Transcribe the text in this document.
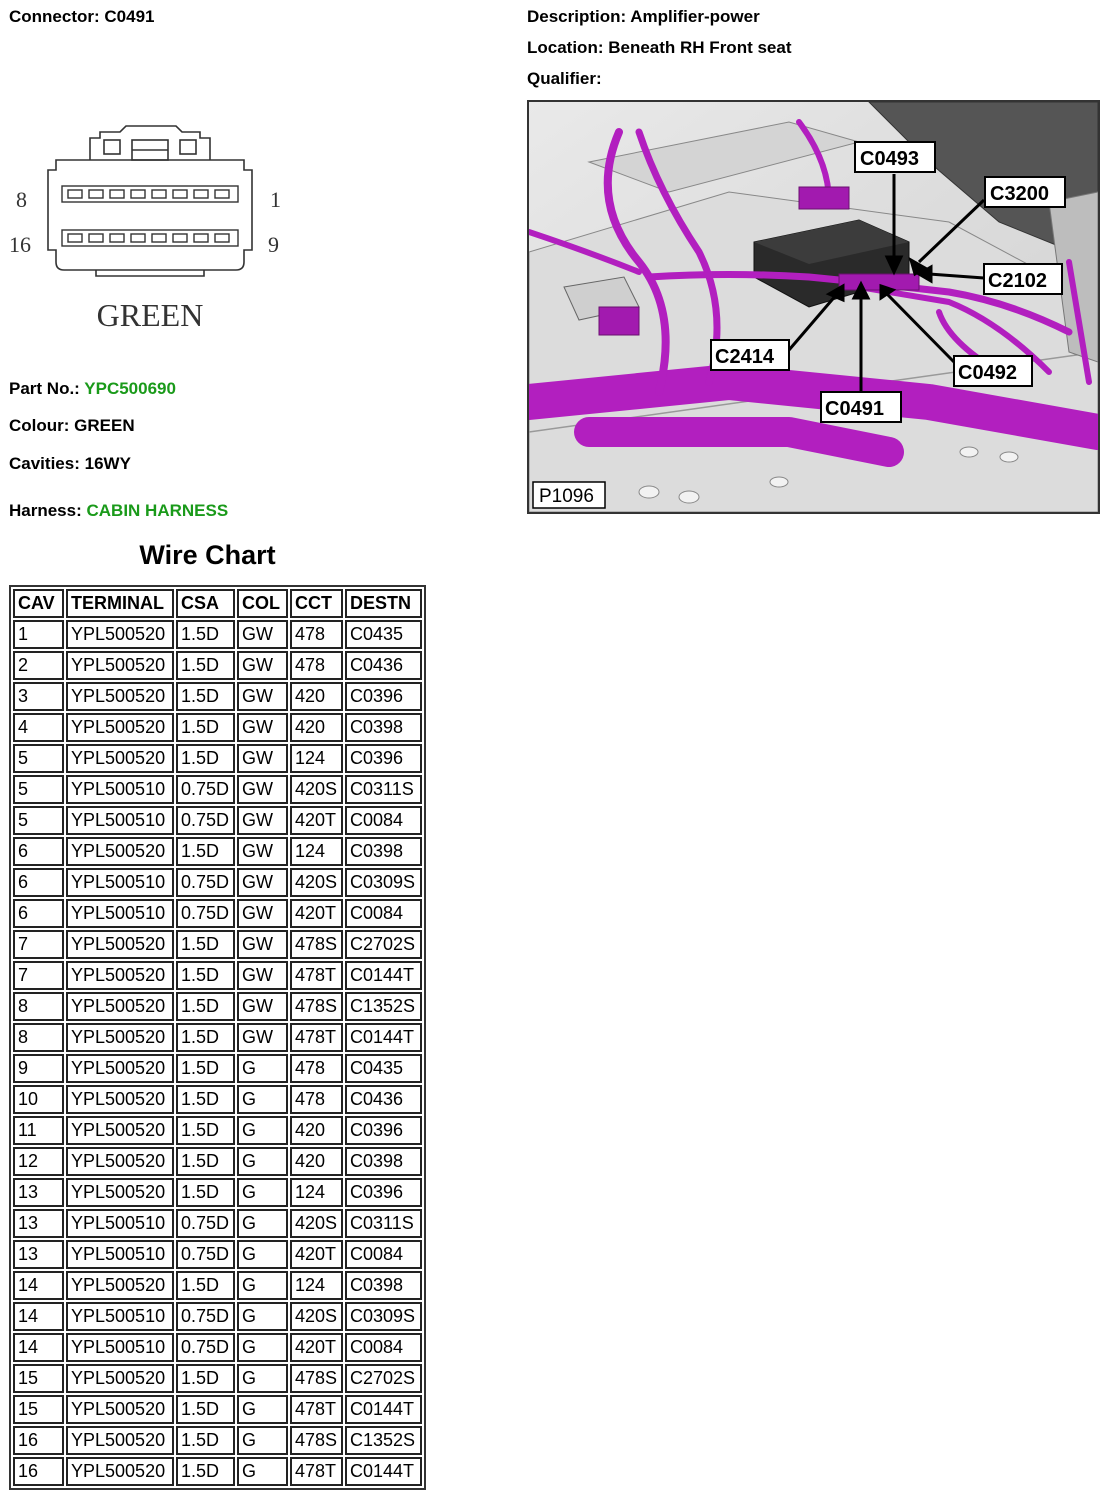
Connector: C0491	Description: Amplifier-power
Location: Beneath RH Front seat
Qualifier:
8	1
16	9
GREEN
Part No.: YPC500690
Colour: GREEN
Cavities: 16WY
Harness: CABIN HARNESS
Wire Chart
CAV	TERMINAL	CSA	COL	CCT	DESTN
1	YPL500520	1.5D	GW	478	C0435
2	YPL500520	1.5D	GW	478	C0436
3	YPL500520	1.5D	GW	420	C0396
4	YPL500520	1.5D	GW	420	C0398
5	YPL500520	1.5D	GW	124	C0396
5	YPL500510	0.75D	GW	420S	C0311S
5	YPL500510	0.75D	GW	420T	C0084
6	YPL500520	1.5D	GW	124	C0398
6	YPL500510	0.75D	GW	420S	C0309S
6	YPL500510	0.75D	GW	420T	C0084
7	YPL500520	1.5D	GW	478S	C2702S
7	YPL500520	1.5D	GW	478T	C0144T
8	YPL500520	1.5D	GW	478S	C1352S
8	YPL500520	1.5D	GW	478T	C0144T
9	YPL500520	1.5D	G	478	C0435
10	YPL500520	1.5D	G	478	C0436
11	YPL500520	1.5D	G	420	C0396
12	YPL500520	1.5D	G	420	C0398
13	YPL500520	1.5D	G	124	C0396
13	YPL500510	0.75D	G	420S	C0311S
13	YPL500510	0.75D	G	420T	C0084
14	YPL500520	1.5D	G	124	C0398
14	YPL500510	0.75D	G	420S	C0309S
14	YPL500510	0.75D	G	420T	C0084
15	YPL500520	1.5D	G	478S	C2702S
15	YPL500520	1.5D	G	478T	C0144T
16	YPL500520	1.5D	G	478S	C1352S
16	YPL500520	1.5D	G	478T	C0144T
C0493
C3200
C2102
C2414
C0492
C0491
P1096
